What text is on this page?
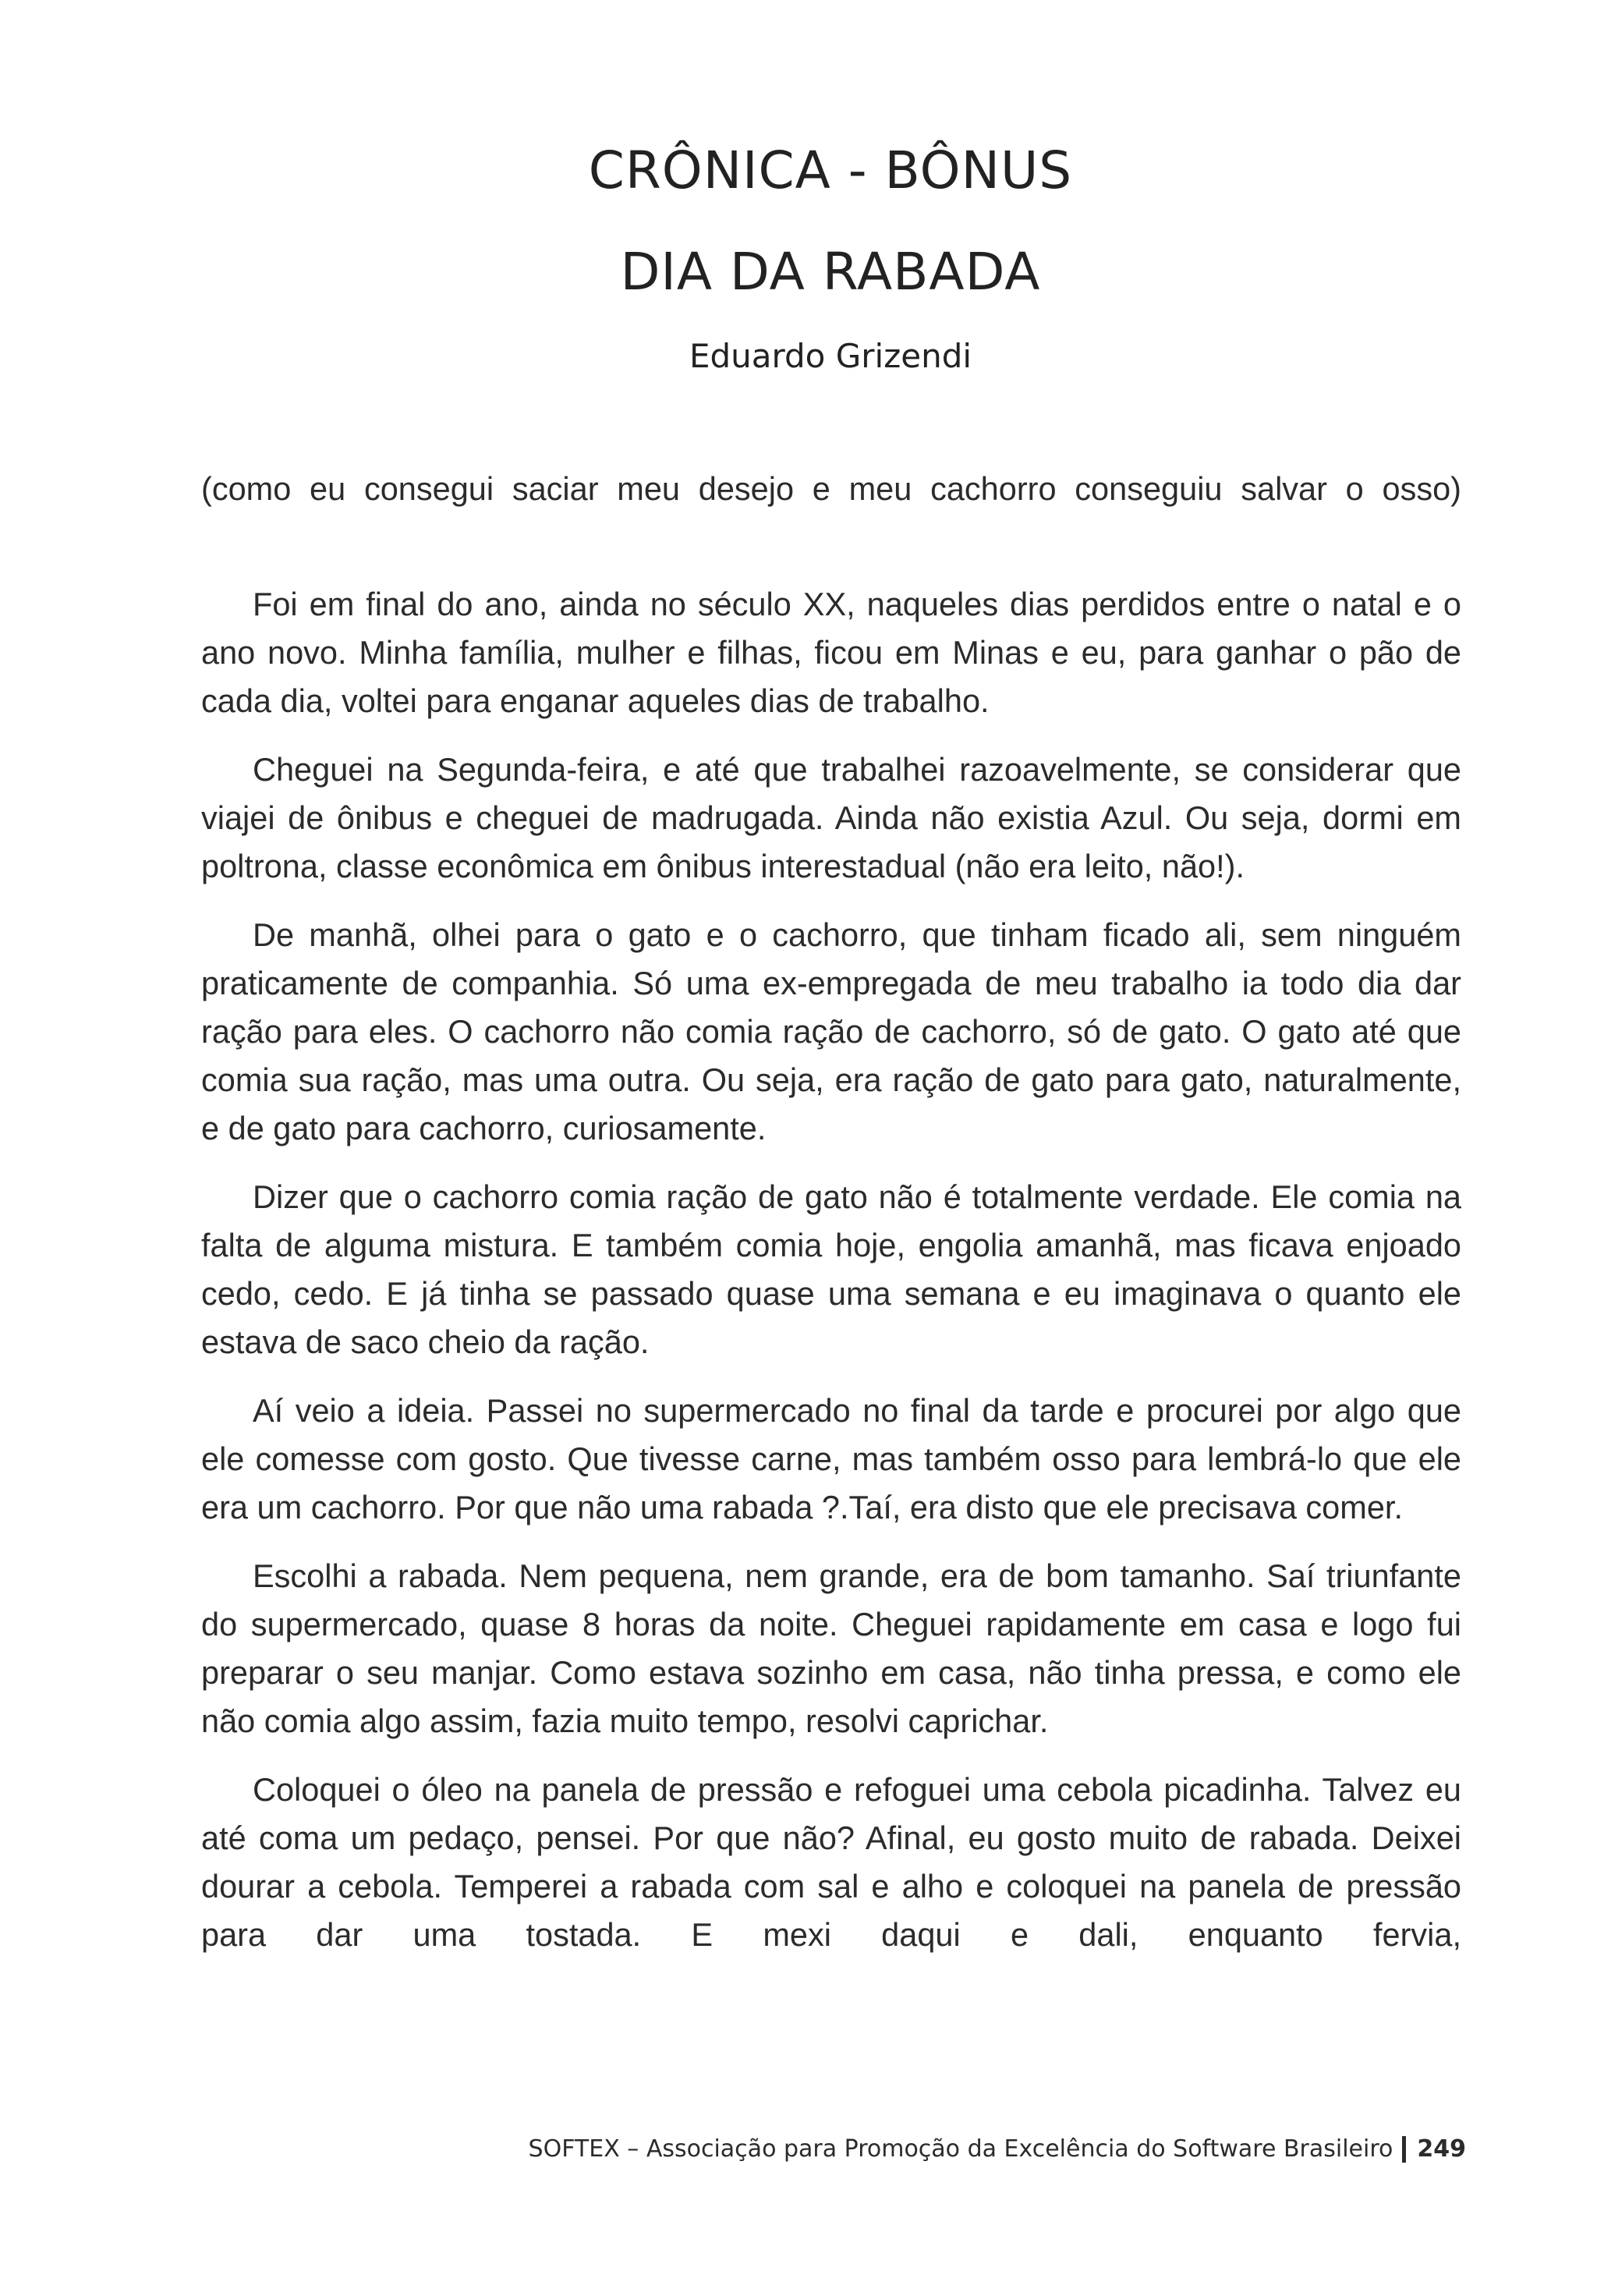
CRÔNICA - BÔNUS
DIA DA RABADA

Eduardo Grizendi

(como eu consegui saciar meu desejo e meu cachorro conseguiu salvar o osso)

Foi em final do ano, ainda no século XX, naqueles dias perdidos entre o natal e o ano novo. Minha família, mulher e filhas, ficou em Minas e eu, para ganhar o pão de cada dia, voltei para enganar aqueles dias de trabalho.

Cheguei na Segunda-feira, e até que trabalhei razoavelmente, se considerar que viajei de ônibus e cheguei de madrugada. Ainda não existia Azul. Ou seja, dormi em poltrona, classe econômica em ônibus interestadual (não era leito, não!).

De manhã, olhei para o gato e o cachorro, que tinham ficado ali, sem ninguém praticamente de companhia. Só uma ex-empregada de meu trabalho ia todo dia dar ração para eles. O cachorro não comia ração de cachorro, só de gato. O gato até que comia sua ração, mas uma outra. Ou seja, era ração de gato para gato, naturalmente, e de gato para cachorro, curiosamente.

Dizer que o cachorro comia ração de gato não é totalmente verdade. Ele comia na falta de alguma mistura. E também comia hoje, engolia amanhã, mas ficava enjoado cedo, cedo. E já tinha se passado quase uma semana e eu imaginava o quanto ele estava de saco cheio da ração.

Aí veio a ideia. Passei no supermercado no final da tarde e procurei por algo que ele comesse com gosto. Que tivesse carne, mas também osso para lembrá-lo que ele era um cachorro. Por que não uma rabada ?.Taí, era disto que ele precisava comer.

Escolhi a rabada. Nem pequena, nem grande, era de bom tamanho. Saí triunfante do supermercado, quase 8 horas da noite. Cheguei rapidamente em casa e logo fui preparar o seu manjar. Como estava sozinho em casa, não tinha pressa, e como ele não comia algo assim, fazia muito tempo, resolvi caprichar.

Coloquei o óleo na panela de pressão e refoguei uma cebola picadinha. Talvez eu até coma um pedaço, pensei. Por que não? Afinal, eu gosto muito de rabada. Deixei dourar a cebola. Temperei a rabada com sal e alho e coloquei na panela de pressão para dar uma tostada. E mexi daqui e dali, enquanto fervia,

SOFTEX – Associação para Promoção da Excelência do Software Brasileiro 249
